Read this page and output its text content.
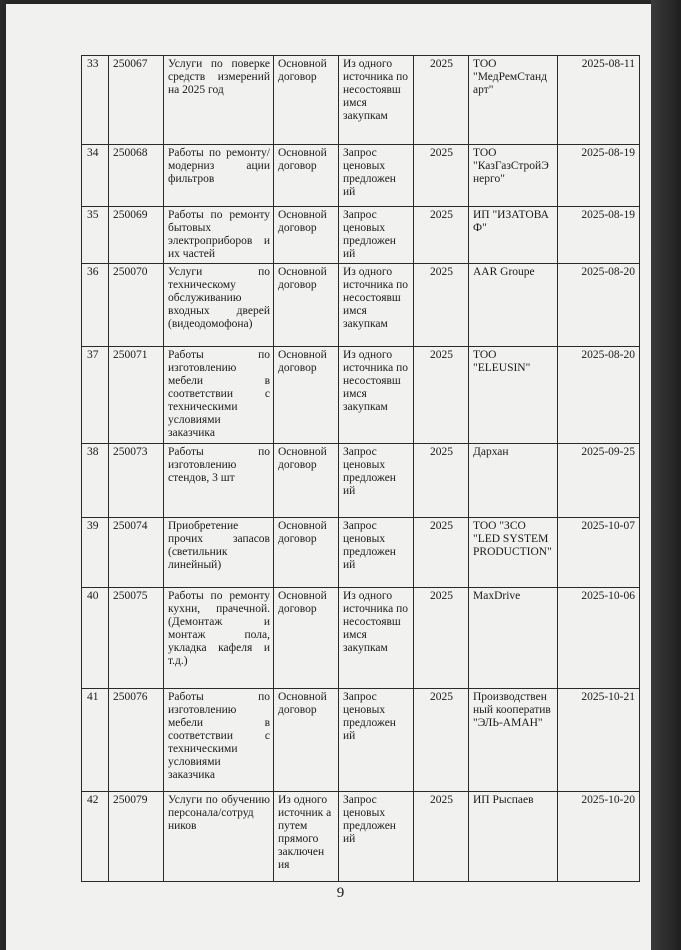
33	250067	Услуги по поверке средств измерений на 2025 год	Основной договор	Из одного источника по несостоявш имся закупкам	2025	ТОО "МедРемСтанд арт"	2025-08-11
34	250068	Работы по ремонту/модерниз ации фильтров	Основной договор	Запрос ценовых предложен ий	2025	ТОО "КазГазСтройЭ нерго"	2025-08-19
35	250069	Работы по ремонту бытовых электроприборов и их частей	Основной договор	Запрос ценовых предложен ий	2025	ИП "ИЗАТОВА Ф"	2025-08-19
36	250070	Услуги по техническому обслуживанию входных дверей (видеодомофона)	Основной договор	Из одного источника по несостоявш имся закупкам	2025	AAR Groupe	2025-08-20
37	250071	Работы по изготовлению мебели в соответствии с техническими условиями заказчика	Основной договор	Из одного источника по несостоявш имся закупкам	2025	ТОО "ELEUSIN"	2025-08-20
38	250073	Работы по изготовлению стендов, 3 шт	Основной договор	Запрос ценовых предложен ий	2025	Дархан	2025-09-25
39	250074	Приобретение прочих запасов (светильник линейный)	Основной договор	Запрос ценовых предложен ий	2025	ТОО "ЗСО "LED SYSTEM PRODUCTION"	2025-10-07
40	250075	Работы по ремонту кухни, прачечной. (Демонтаж и монтаж пола, укладка кафеля и т.д.)	Основной договор	Из одного источника по несостоявш имся закупкам	2025	MaxDrive	2025-10-06
41	250076	Работы по изготовлению мебели в соответствии с техническими условиями заказчика	Основной договор	Запрос ценовых предложен ий	2025	Производствен ный кооператив "ЭЛЬ-АМАН"	2025-10-21
42	250079	Услуги по обучению персонала/сотруд ников	Из одного источник а путем прямого заключен ия	Запрос ценовых предложен ий	2025	ИП Рыспаев	2025-10-20
9
